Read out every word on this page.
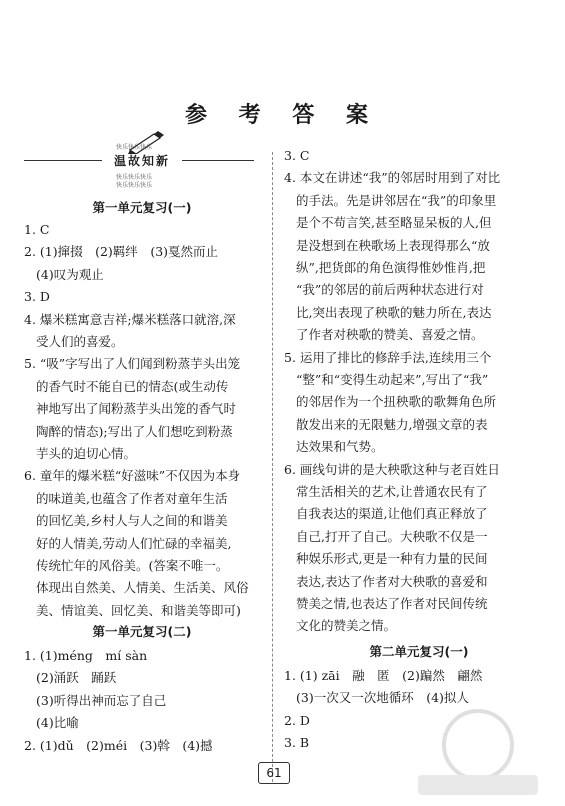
参 考 答 案
快乐快乐快乐
温故知新
快乐快乐快乐
快乐快乐快乐
第一单元复习(一)
1. C
2. (1)撺掇　(2)羁绊　(3)戛然而止
(4)叹为观止
3. D
4. 爆米糕寓意吉祥;爆米糕落口就溶,深
受人们的喜爱。
5. “吸”字写出了人们闻到粉蒸芋头出笼
的香气时不能自已的情态(或生动传
神地写出了闻粉蒸芋头出笼的香气时
陶醉的情态);写出了人们想吃到粉蒸
芋头的迫切心情。
6. 童年的爆米糕“好滋味”不仅因为本身
的味道美,也蕴含了作者对童年生活
的回忆美,乡村人与人之间的和谐美
好的人情美,劳动人们忙碌的幸福美,
传统忙年的风俗美。(答案不唯一。
体现出自然美、人情美、生活美、风俗
美、情谊美、回忆美、和谐美等即可)
第一单元复习(二)
1. (1)méng　mí sàn
(2)涌跃　踊跃
(3)听得出神而忘了自己
(4)比喻
2. (1)dǔ　(2)méi　(3)斡　(4)撼
3. C
4. 本文在讲述“我”的邻居时用到了对比
的手法。先是讲邻居在“我”的印象里
是个不苟言笑,甚至略显呆板的人,但
是没想到在秧歌场上表现得那么“放
纵”,把货郎的角色演得惟妙惟肖,把
“我”的邻居的前后两种状态进行对
比,突出表现了秧歌的魅力所在,表达
了作者对秧歌的赞美、喜爱之情。
5. 运用了排比的修辞手法,连续用三个
“整”和“变得生动起来”,写出了“我”
的邻居作为一个扭秧歌的歌舞角色所
散发出来的无限魅力,增强文章的表
达效果和气势。
6. 画线句讲的是大秧歌这种与老百姓日
常生活相关的艺术,让普通农民有了
自我表达的渠道,让他们真正释放了
自己,打开了自己。大秧歌不仅是一
种娱乐形式,更是一种有力量的民间
表达,表达了作者对大秧歌的喜爱和
赞美之情,也表达了作者对民间传统
文化的赞美之情。
第二单元复习(一)
1. (1) zāi　融　匿　(2)蹁然　翩然
(3)一次又一次地循环　(4)拟人
2. D
3. B
61
